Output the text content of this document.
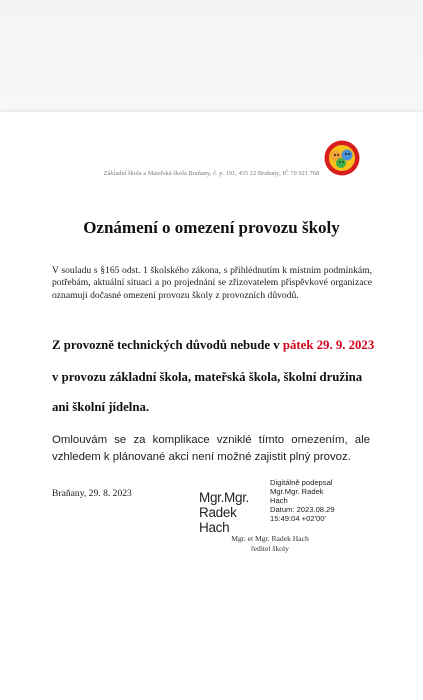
Základní škola a Mateřská škola Braňany, č. p. 191, 435 22 Braňany, IČ 70 921 768
Oznámení o omezení provozu školy
V souladu s §165 odst. 1 školského zákona, s přihlédnutím k místním podmínkám, potřebám, aktuální situaci a po projednání se zřizovatelem příspěvkové organizace oznamuji dočasné omezení provozu školy z provozních důvodů.
Z provozně technických důvodů nebude v pátek 29. 9. 2023
v provozu základní škola, mateřská škola, školní družina
ani školní jídelna.
Omlouvám se za komplikace vzniklé tímto omezením, ale vzhledem k plánované akci není možné zajistit plný provoz.
Braňany, 29. 8. 2023	Mgr.Mgr.
Radek Hach
Digitálně podepsal
Mgr.Mgr. Radek
Hach
Datum: 2023.08.29
15:49:04 +02'00'
Mgr. et Mgr. Radek Hach
ředitel školy
